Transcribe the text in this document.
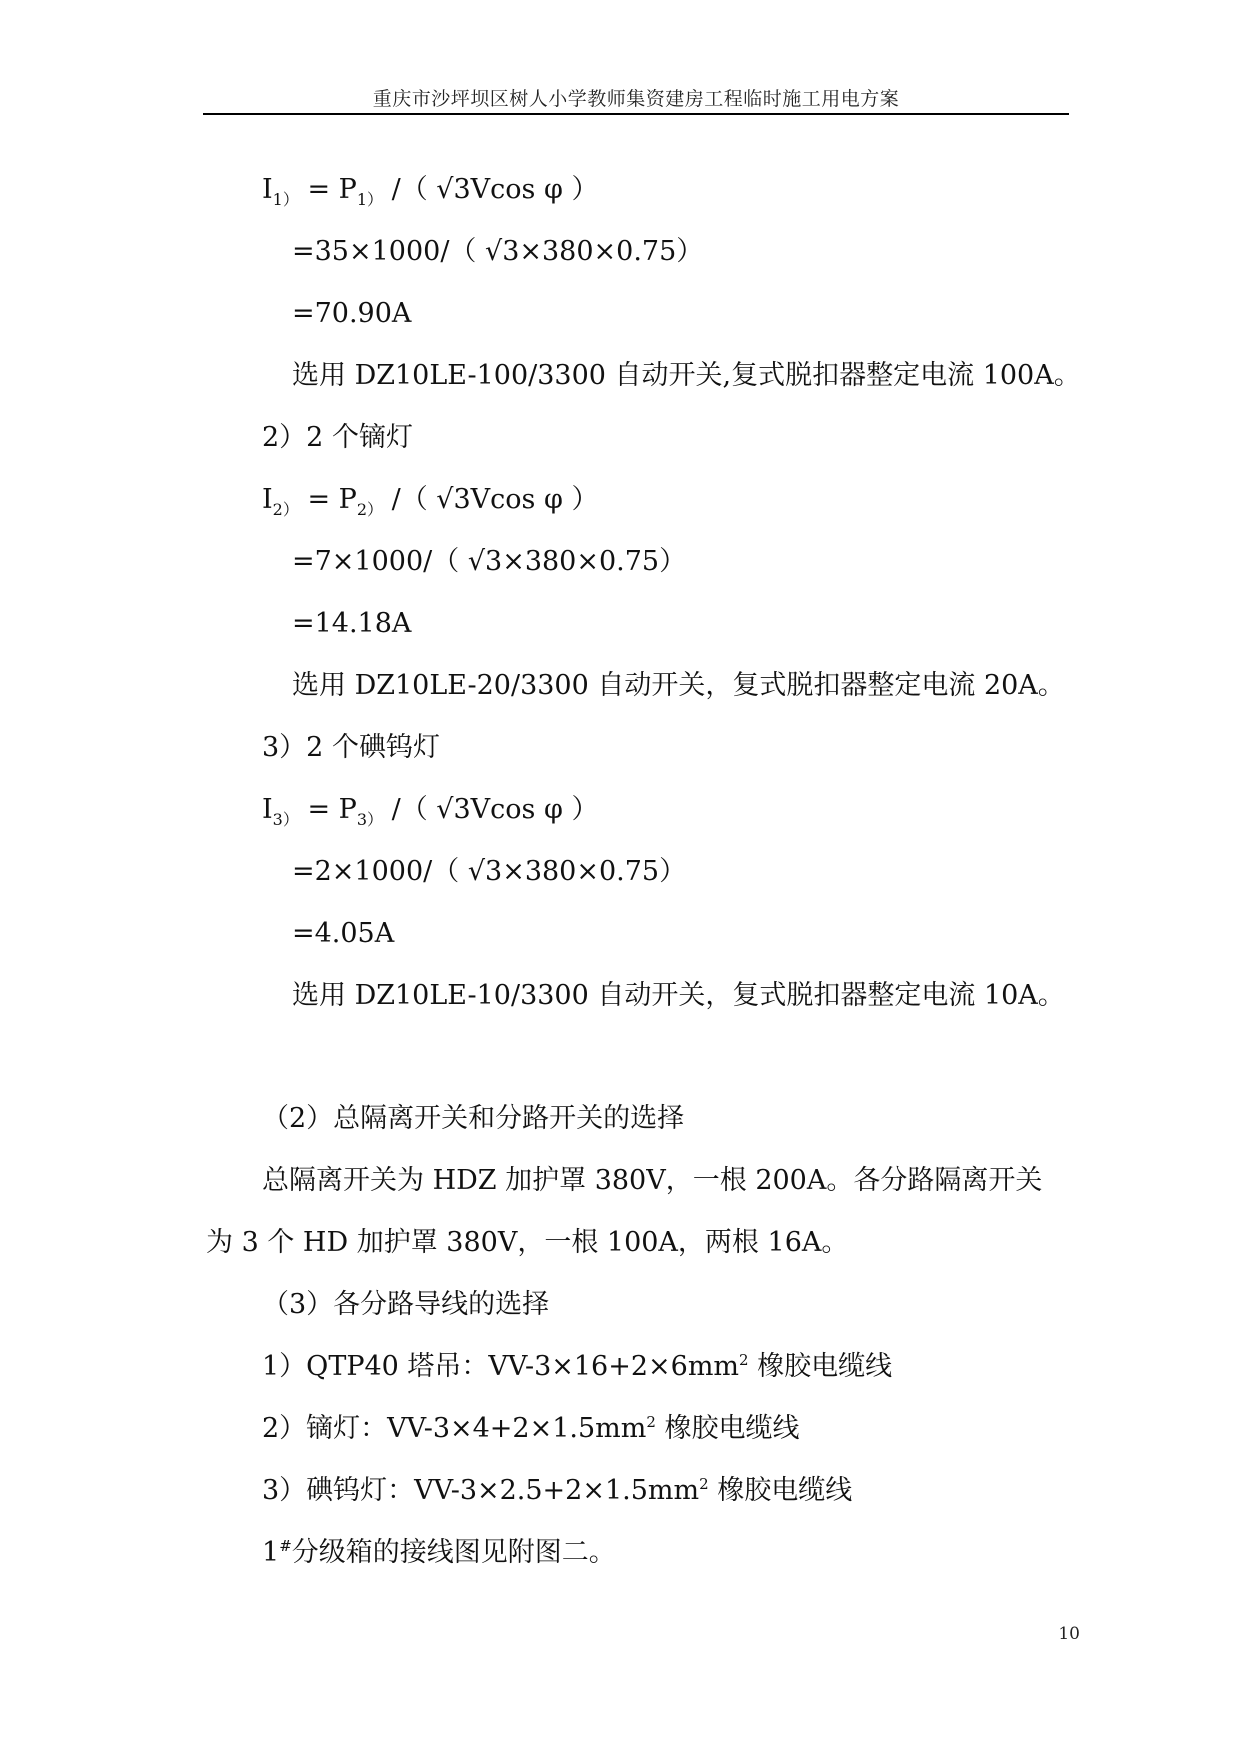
重庆市沙坪坝区树人小学教师集资建房工程临时施工用电方案
$I_{1)} = P_{1)}$ /（ √3Vcos φ ）
=35×1000/（ √3×380×0.75）
=70.90A
选用 DZ10LE-100/3300 自动开关,复式脱扣器整定电流 100A。
2）2 个镝灯
$I_{2)} = P_{2)}$ /（ √3Vcos φ ）
=7×1000/（ √3×380×0.75）
=14.18A
选用 DZ10LE-20/3300 自动开关，复式脱扣器整定电流 20A。
3）2 个碘钨灯
$I_{3)} = P_{3)}$ /（ √3Vcos φ ）
=2×1000/（ √3×380×0.75）
=4.05A
选用 DZ10LE-10/3300 自动开关，复式脱扣器整定电流 10A。
（2）总隔离开关和分路开关的选择
总隔离开关为 HDZ 加护罩 380V，一根 200A。各分路隔离开关
为 3 个 HD 加护罩 380V，一根 100A，两根 16A。
（3）各分路导线的选择
1）QTP40 塔吊：$VV-3\times 16+2\times 6mm^2$ 橡胶电缆线
2）镝灯：$VV-3\times 4+2\times 1.5mm^2$ 橡胶电缆线
3）碘钨灯：$VV-3\times 2.5+2\times 1.5mm^2$ 橡胶电缆线
1#分级箱的接线图见附图二。
10
